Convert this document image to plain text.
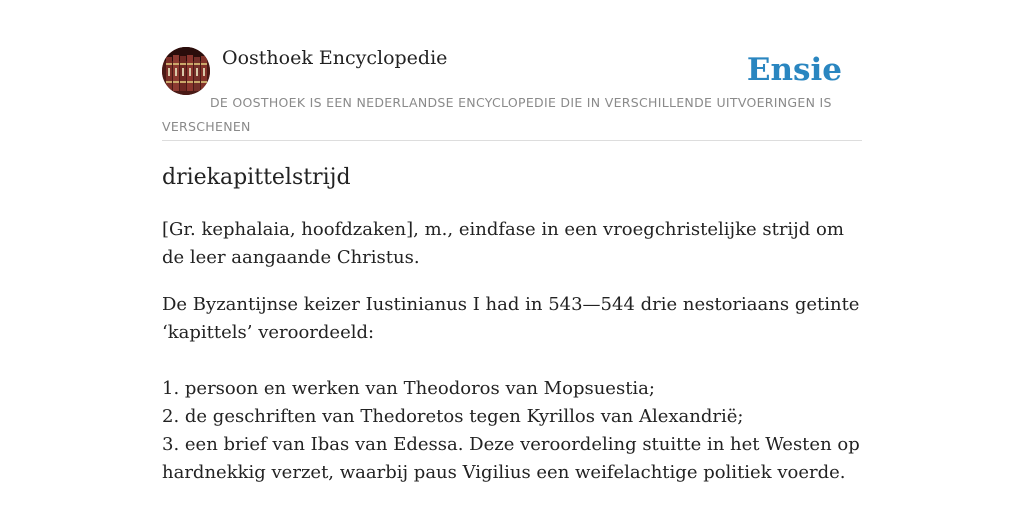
Oosthoek Encyclopedie	Ensie

DE OOSTHOEK IS EEN NEDERLANDSE ENCYCLOPEDIE DIE IN VERSCHILLENDE UITVOERINGEN IS VERSCHENEN

driekapittelstrijd

[Gr. kephalaia, hoofdzaken], m., eindfase in een vroegchristelijke strijd om de leer aangaande Christus.

De Byzantijnse keizer Iustinianus I had in 543—544 drie nestoriaans getinte ‘kapittels’ veroordeeld:

1. persoon en werken van Theodoros van Mopsuestia;

2. de geschriften van Thedoretos tegen Kyrillos van Alexandrië;

3. een brief van Ibas van Edessa. Deze veroordeling stuitte in het Westen op hardnekkig verzet, waarbij paus Vigilius een weifelachtige politiek voerde.
